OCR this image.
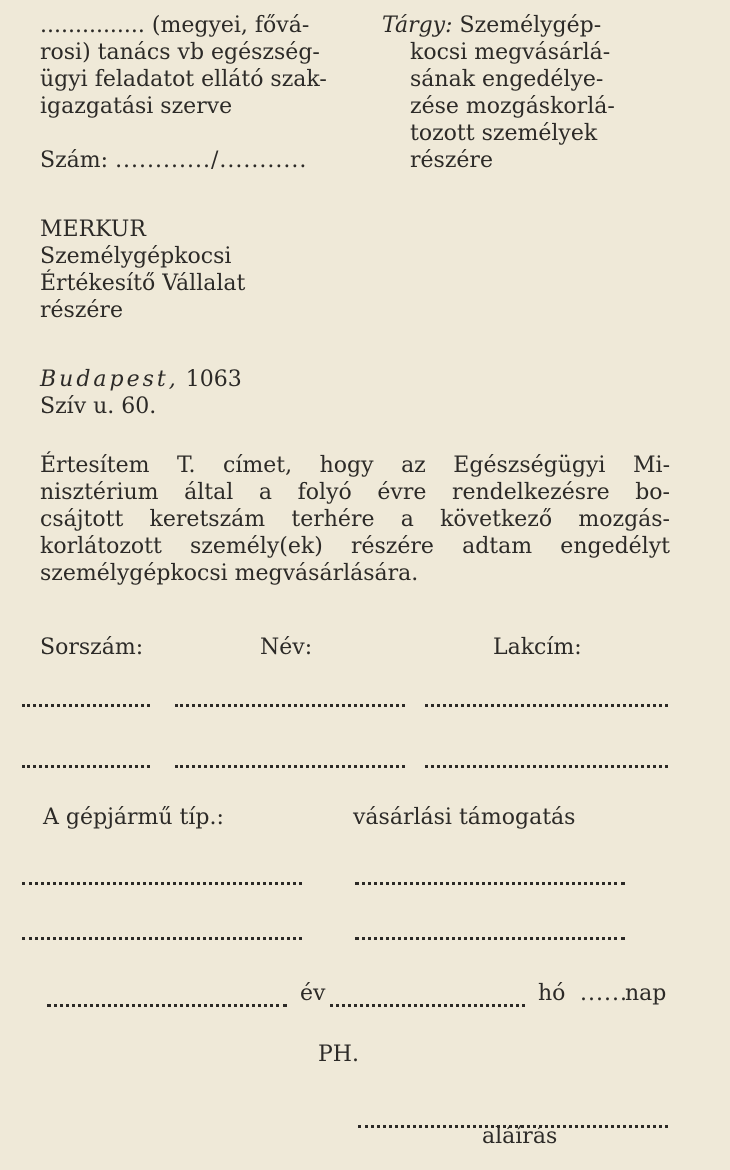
............... (megyei, fővá-
rosi) tanács vb egészség-
ügyi feladatot ellátó szak-
igazgatási szerve
Tárgy: Személygép-
kocsi megvásárlá-
sának engedélye-
zése mozgáskorlá-
tozott személyek
részére
Szám: ............/...........
MERKUR
Személygépkocsi
Értékesítő Vállalat
részére
Budapest, 1063
Szív u. 60.
Értesítem T. címet, hogy az Egészségügyi Mi-
nisztérium által a folyó évre rendelkezésre bo-
csájtott keretszám terhére a következő mozgás-
korlátozott személy(ek) részére adtam engedélyt
személygépkocsi megvásárlására.
Sorszám:	Név:	Lakcím:
A gépjármű típ.:	vásárlási támogatás
év	hó ......
nap
PH.
aláírás
